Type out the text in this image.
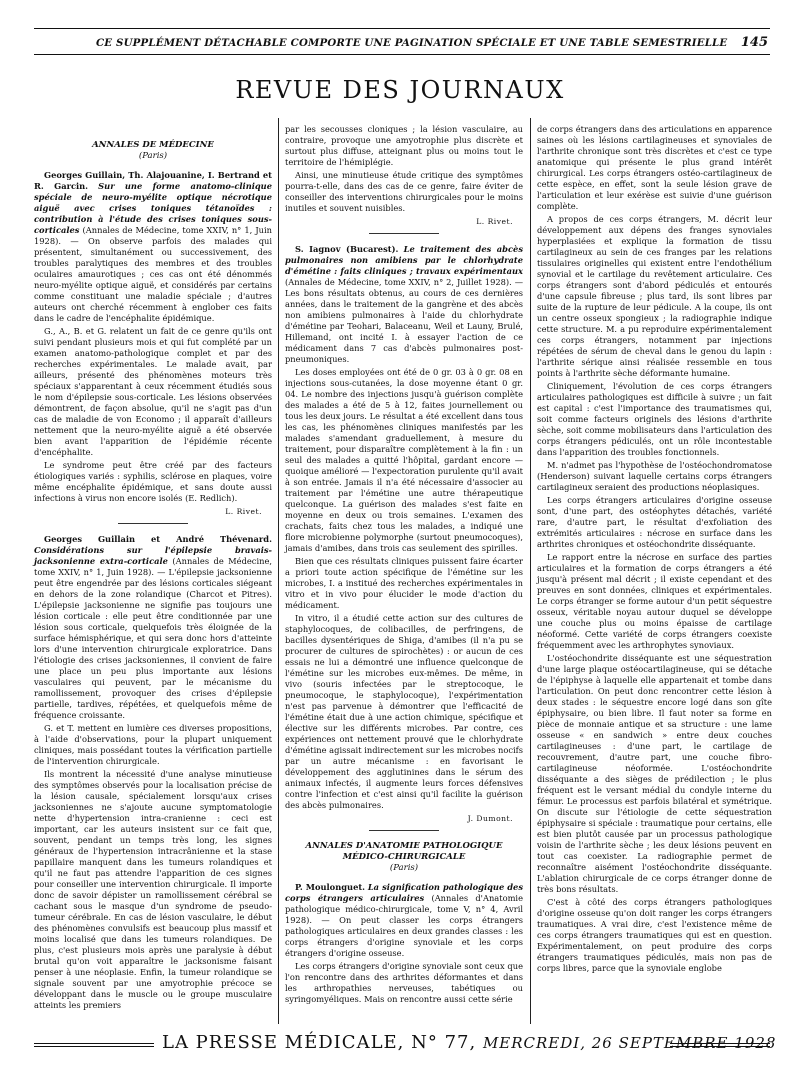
CE SUPPLÉMENT DÉTACHABLE COMPORTE UNE PAGINATION SPÉCIALE ET UNE TABLE SEMESTRIELLE 145
REVUE DES JOURNAUX

ANNALES DE MÉDECINE

(Paris)

Georges Guillain, Th. Alajouanine, I. Bertrand et R. Garcin. Sur une forme anatomo-clinique spéciale de neuro-myélite optique nécrotique aiguë avec crises toniques tétanoïdes : contribution à l'étude des crises toniques sous-corticales (Annales de Médecine, tome XXIV, n° 1, Juin 1928). — On observe parfois des malades qui présentent, simultanément ou successivement, des troubles paralytiques des membres et des troubles oculaires amaurotiques ; ces cas ont été dénommés neuro-myélite optique aiguë, et considérés par certains comme constituant une maladie spéciale ; d'autres auteurs ont cherché récemment à englober ces faits dans le cadre de l'encéphalite épidémique.

G., A., B. et G. relatent un fait de ce genre qu'ils ont suivi pendant plusieurs mois et qui fut complété par un examen anatomo-pathologique complet et par des recherches expérimentales. Le malade avait, par ailleurs, présenté des phénomènes moteurs très spéciaux s'apparentant à ceux récemment étudiés sous le nom d'épilepsie sous-corticale. Les lésions observées démontrent, de façon absolue, qu'il ne s'agit pas d'un cas de maladie de von Economo ; il apparaît d'ailleurs nettement que la neuro-myélite aiguë a été observée bien avant l'apparition de l'épidémie récente d'encéphalite.

Le syndrome peut être créé par des facteurs étiologiques variés : syphilis, sclérose en plaques, voire même encéphalite épidémique, et sans doute aussi infections à virus non encore isolés (E. Redlich).

L. Rivet.

Georges Guillain et André Thévenard. Considérations sur l'épilepsie bravais-jacksonienne extra-corticale (Annales de Médecine, tome XXIV, n° 1, Juin 1928). — L'épilepsie jacksonienne peut être engendrée par des lésions corticales siégeant en dehors de la zone rolandique (Charcot et Pitres). L'épilepsie jacksonienne ne signifie pas toujours une lésion corticale : elle peut être conditionnée par une lésion sous corticale, quelquefois très éloignée de la surface hémisphérique, et qui sera donc hors d'atteinte lors d'une intervention chirurgicale exploratrice. Dans l'étiologie des crises jacksoniennes, il convient de faire une place un peu plus importante aux lésions vasculaires qui peuvent, par le mécanisme du ramollissement, provoquer des crises d'épilepsie partielle, tardives, répétées, et quelquefois même de fréquence croissante.

G. et T. mettent en lumière ces diverses propositions, à l'aide d'observations, pour la plupart uniquement cliniques, mais possédant toutes la vérification partielle de l'intervention chirurgicale.

Ils montrent la nécessité d'une analyse minutieuse des symptômes observés pour la localisation précise de la lésion causale, spécialement lorsqu'aux crises jacksoniennes ne s'ajoute aucune symptomatologie nette d'hypertension intra-cranienne : ceci est important, car les auteurs insistent sur ce fait que, souvent, pendant un temps très long, les signes généraux de l'hypertension intracrânienne et la stase papillaire manquent dans les tumeurs rolandiques et qu'il ne faut pas attendre l'apparition de ces signes pour conseiller une intervention chirurgicale. Il importe donc de savoir dépister un ramollissement cérébral se cachant sous le masque d'un syndrome de pseudo-tumeur cérébrale. En cas de lésion vasculaire, le début des phénomènes convulsifs est beaucoup plus massif et moins localisé que dans les tumeurs rolandiques. De plus, c'est plusieurs mois après une paralysie à début brutal qu'on voit apparaître le jacksonisme faisant penser à une néoplasie. Enfin, la tumeur rolandique se signale souvent par une amyotrophie précoce se développant dans le muscle ou le groupe musculaire atteints les premiers

par les secousses cloniques ; la lésion vasculaire, au contraire, provoque une amyotrophie plus discrète et surtout plus diffuse, atteignant plus ou moins tout le territoire de l'hémiplégie.

Ainsi, une minutieuse étude critique des symptômes pourra-t-elle, dans des cas de ce genre, faire éviter de conseiller des interventions chirurgicales pour le moins inutiles et souvent nuisibles.

L. Rivet.

S. Iagnov (Bucarest). Le traitement des abcès pulmonaires non amibiens par le chlorhydrate d'émétine : faits cliniques ; travaux expérimentaux (Annales de Médecine, tome XXIV, n° 2, Juillet 1928). — Les bons résultats obtenus, au cours de ces dernières années, dans le traitement de la gangrène et des abcès non amibiens pulmonaires à l'aide du chlorhydrate d'émétine par Teohari, Balaceanu, Weil et Launy, Brulé, Hillemand, ont incité I. à essayer l'action de ce médicament dans 7 cas d'abcès pulmonaires post-pneumoniques.

Les doses employées ont été de 0 gr. 03 à 0 gr. 08 en injections sous-cutanées, la dose moyenne étant 0 gr. 04. Le nombre des injections jusqu'à guérison complète des malades a été de 5 à 12, faites journellement ou tous les deux jours. Le résultat a été excellent dans tous les cas, les phénomènes cliniques manifestés par les malades s'amendant graduellement, à mesure du traitement, pour disparaître complètement à la fin : un seul des malades a quitté l'hôpital, gardant encore — quoique amélioré — l'expectoration purulente qu'il avait à son entrée. Jamais il n'a été nécessaire d'associer au traitement par l'émétine une autre thérapeutique quelconque. La guérison des malades s'est faite en moyenne en deux ou trois semaines. L'examen des crachats, faits chez tous les malades, a indiqué une flore microbienne polymorphe (surtout pneumocoques), jamais d'amibes, dans trois cas seulement des spirilles.

Bien que ces résultats cliniques puissent faire écarter a priori toute action spécifique de l'émétine sur les microbes, I. a institué des recherches expérimentales in vitro et in vivo pour élucider le mode d'action du médicament.

In vitro, il a étudié cette action sur des cultures de staphylocoques, de colibacilles, de perfringens, de bacilles dysentériques de Shiga, d'amibes (il n'a pu se procurer de cultures de spirochètes) : or aucun de ces essais ne lui a démontré une influence quelconque de l'émétine sur les microbes eux-mêmes. De même, in vivo (souris infectées par le streptocoque, le pneumocoque, le staphylocoque), l'expérimentation n'est pas parvenue à démontrer que l'efficacité de l'émétine était due à une action chimique, spécifique et élective sur les différents microbes. Par contre, ces expériences ont nettement prouvé que le chlorhydrate d'émétine agissait indirectement sur les microbes nocifs par un autre mécanisme : en favorisant le développement des agglutinines dans le sérum des animaux infectés, il augmente leurs forces défensives contre l'infection et c'est ainsi qu'il facilite la guérison des abcès pulmonaires.

J. Dumont.

ANNALES D'ANATOMIE PATHOLOGIQUE MÉDICO-CHIRURGICALE

(Paris)

P. Moulonguet. La signification pathologique des corps étrangers articulaires (Annales d'Anatomie pathologique médico-chirurgicale, tome V, n° 4, Avril 1928). — On peut classer les corps étrangers pathologiques articulaires en deux grandes classes : les corps étrangers d'origine synoviale et les corps étrangers d'origine osseuse.

Les corps étrangers d'origine synoviale sont ceux que l'on rencontre dans des arthrites déformantes et dans les arthropathies nerveuses, tabétiques ou syringomyéliques. Mais on rencontre aussi cette série

de corps étrangers dans des articulations en apparence saines où les lésions cartilagineuses et synoviales de l'arthrite chronique sont très discrètes et c'est ce type anatomique qui présente le plus grand intérêt chirurgical. Les corps étrangers ostéo-cartilagineux de cette espèce, en effet, sont la seule lésion grave de l'articulation et leur exérèse est suivie d'une guérison complète.

A propos de ces corps étrangers, M. décrit leur développement aux dépens des franges synoviales hyperplasiées et explique la formation de tissu cartilagineux au sein de ces franges par les relations tissulaires originelles qui existent entre l'endothélium synovial et le cartilage du revêtement articulaire. Ces corps étrangers sont d'abord pédiculés et entourés d'une capsule fibreuse ; plus tard, ils sont libres par suite de la rupture de leur pédicule. A la coupe, ils ont un centre osseux spongieux ; la radiographie indique cette structure. M. a pu reproduire expérimentalement ces corps étrangers, notamment par injections répétées de sérum de cheval dans le genou du lapin : l'arthrite sérique ainsi réalisée ressemble en tous points à l'arthrite sèche déformante humaine.

Cliniquement, l'évolution de ces corps étrangers articulaires pathologiques est difficile à suivre ; un fait est capital : c'est l'importance des traumatismes qui, soit comme facteurs originels des lésions d'arthrite sèche, soit comme mobilisateurs dans l'articulation des corps étrangers pédiculés, ont un rôle incontestable dans l'apparition des troubles fonctionnels.

M. n'admet pas l'hypothèse de l'ostéochondromatose (Henderson) suivant laquelle certains corps étrangers cartilagineux seraient des productions néoplasiques.

Les corps étrangers articulaires d'origine osseuse sont, d'une part, des ostéophytes détachés, variété rare, d'autre part, le résultat d'exfoliation des extrémités articulaires : nécrose en surface dans les arthrites chroniques et ostéochondrite disséquante.

Le rapport entre la nécrose en surface des parties articulaires et la formation de corps étrangers a été jusqu'à présent mal décrit ; il existe cependant et des preuves en sont données, cliniques et expérimentales. Le corps étranger se forme autour d'un petit séquestre osseux, véritable noyau autour duquel se développe une couche plus ou moins épaisse de cartilage néoformé. Cette variété de corps étrangers coexiste fréquemment avec les arthrophytes synoviaux.

L'ostéochondrite disséquante est une séquestration d'une large plaque ostéocartilagineuse, qui se détache de l'épiphyse à laquelle elle appartenait et tombe dans l'articulation. On peut donc rencontrer cette lésion à deux stades : le séquestre encore logé dans son gîte épiphysaire, ou bien libre. Il faut noter sa forme en pièce de monnaie antique et sa structure : une lame osseuse « en sandwich » entre deux couches cartilagineuses : d'une part, le cartilage de recouvrement, d'autre part, une couche fibro-cartilagineuse néoformée. L'ostéochondrite disséquante a des sièges de prédilection ; le plus fréquent est le versant médial du condyle interne du fémur. Le processus est parfois bilatéral et symétrique. On discute sur l'étiologie de cette séquestration épiphysaire si spéciale : traumatique pour certains, elle est bien plutôt causée par un processus pathologique voisin de l'arthrite sèche ; les deux lésions peuvent en tout cas coexister. La radiographie permet de reconnaître aisément l'ostéochondrite disséquante. L'ablation chirurgicale de ce corps étranger donne de très bons résultats.

C'est à côté des corps étrangers pathologiques d'origine osseuse qu'on doit ranger les corps étrangers traumatiques. A vrai dire, c'est l'existence même de ces corps étrangers traumatiques qui est en question. Expérimentalement, on peut produire des corps étrangers traumatiques pédiculés, mais non pas de corps libres, parce que la synoviale englobe

LA PRESSE MÉDICALE, N° 77, MERCREDI, 26 SEPTEMBRE 1928
